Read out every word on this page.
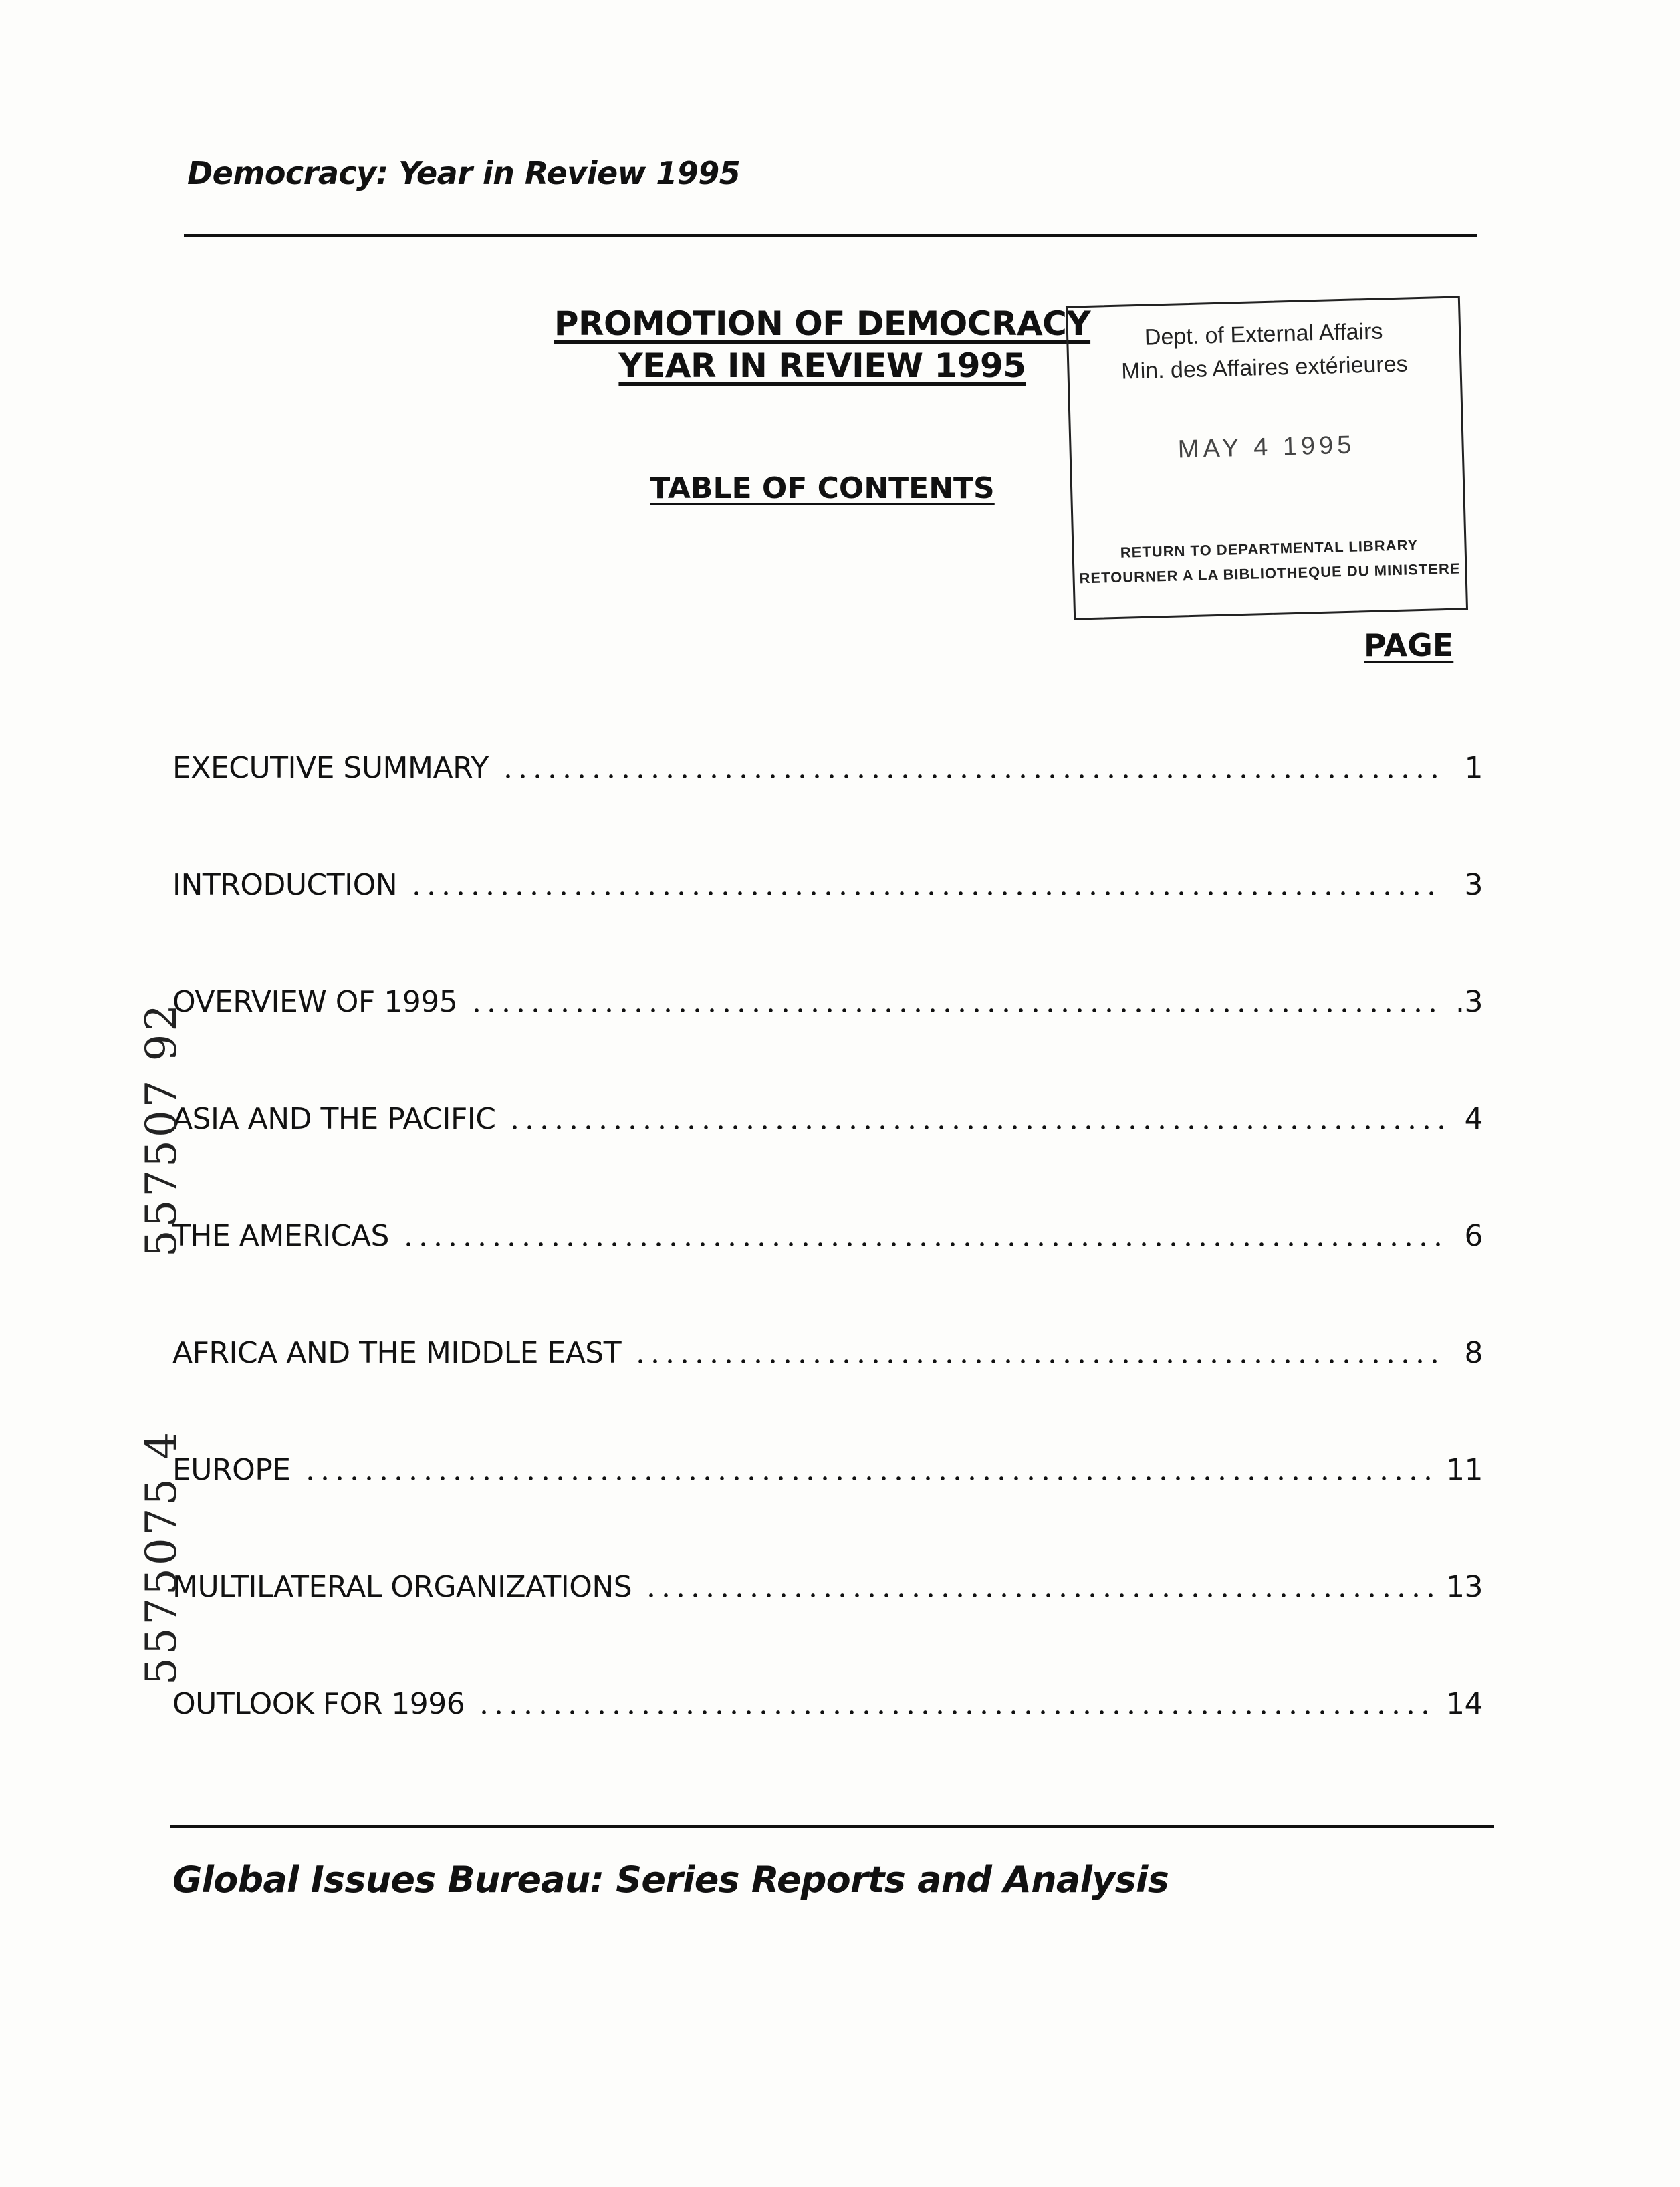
Democracy: Year in Review 1995
PROMOTION OF DEMOCRACY
YEAR IN REVIEW 1995
TABLE OF CONTENTS
Dept. of External Affairs
Min. des Affaires extérieures
MAY 4 1995
RETURN TO DEPARTMENTAL LIBRARY
RETOURNER A LA BIBLIOTHEQUE DU MINISTERE
PAGE
EXECUTIVE SUMMARY	1
INTRODUCTION	3
OVERVIEW OF 1995	.3
ASIA AND THE PACIFIC	4
THE AMERICAS	6
AFRICA AND THE MIDDLE EAST	8
EUROPE	11
MULTILATERAL ORGANIZATIONS	13
OUTLOOK FOR 1996	14
557507 92
5575075 4
Global Issues Bureau: Series Reports and Analysis
